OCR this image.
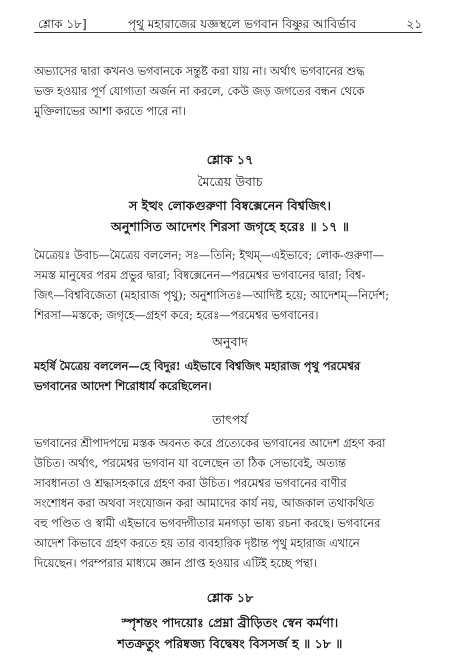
শ্লোক ১৮]	পৃথু মহারাজের যজ্ঞস্থলে ভগবান বিষ্ণুর আবির্ভাব	২১
অভ্যাসের দ্বারা কখনও ভগবানকে সন্তুষ্ট করা যায় না। অর্থাৎ ভগবানের শুদ্ধ
ভক্ত হওয়ার পূর্ণ যোগ্যতা অর্জন না করলে, কেউ জড় জগতের বন্ধন থেকে
মুক্তিলাভের আশা করতে পারে না।
শ্লোক ১৭
মৈত্রেয় উবাচ
স ইত্থং লোকগুরুণা বিষ্বক্সেনেন বিশ্বজিৎ।
অনুশাসিত আদেশং শিরসা জগৃহে হরেঃ ॥ ১৭ ॥
মৈত্রেয়ঃ উবাচ—মৈত্রেয় বললেন; সঃ—তিনি; ইত্থম্—এইভাবে; লোক-গুরুণা—
সমস্ত মানুষের পরম প্রভুর দ্বারা; বিষ্বক্সেনেন—পরমেশ্বর ভগবানের দ্বারা; বিশ্ব-
জিৎ—বিশ্ববিজেতা (মহারাজ পৃথু); অনুশাসিতঃ—আদিষ্ট হয়ে; আদেশম্—নির্দেশ;
শিরসা—মস্তকে; জগৃহে—গ্রহণ করে; হরেঃ—পরমেশ্বর ভগবানের।
অনুবাদ
মহর্ষি মৈত্রেয় বললেন—হে বিদুর! এইভাবে বিশ্বজিৎ মহারাজ পৃথু পরমেশ্বর
ভগবানের আদেশ শিরোধার্য করেছিলেন।
তাৎপর্য
ভগবানের শ্রীপাদপদ্মে মস্তক অবনত করে প্রত্যেকের ভগবানের আদেশ গ্রহণ করা
উচিত। অর্থাৎ, পরমেশ্বর ভগবান যা বলেছেন তা ঠিক সেভাবেই, অত্যন্ত
সাবধানতা ও শ্রদ্ধাসহকারে গ্রহণ করা উচিত। পরমেশ্বর ভগবানের বাণীর
সংশোধন করা অথবা সংযোজন করা আমাদের কার্য নয়, আজকাল তথাকথিত
বহু পণ্ডিত ও স্বামী এইভাবে ভগবদ্গীতার মনগড়া ভাষ্য রচনা করছে। ভগবানের
আদেশ কিভাবে গ্রহণ করতে হয় তার ব্যবহারিক দৃষ্টান্ত পৃথু মহারাজ এখানে
দিয়েছেন। পরম্পরার মাধ্যমে জ্ঞান প্রাপ্ত হওয়ার এটিই হচ্ছে পন্থা।
শ্লোক ১৮
স্পৃশন্তং পাদয়োঃ প্রেম্না ব্রীড়িতং স্বেন কর্মণা।
শতক্রতুং পরিষ্বজ্য বিদ্বেষং বিসসর্জ হ ॥ ১৮ ॥
